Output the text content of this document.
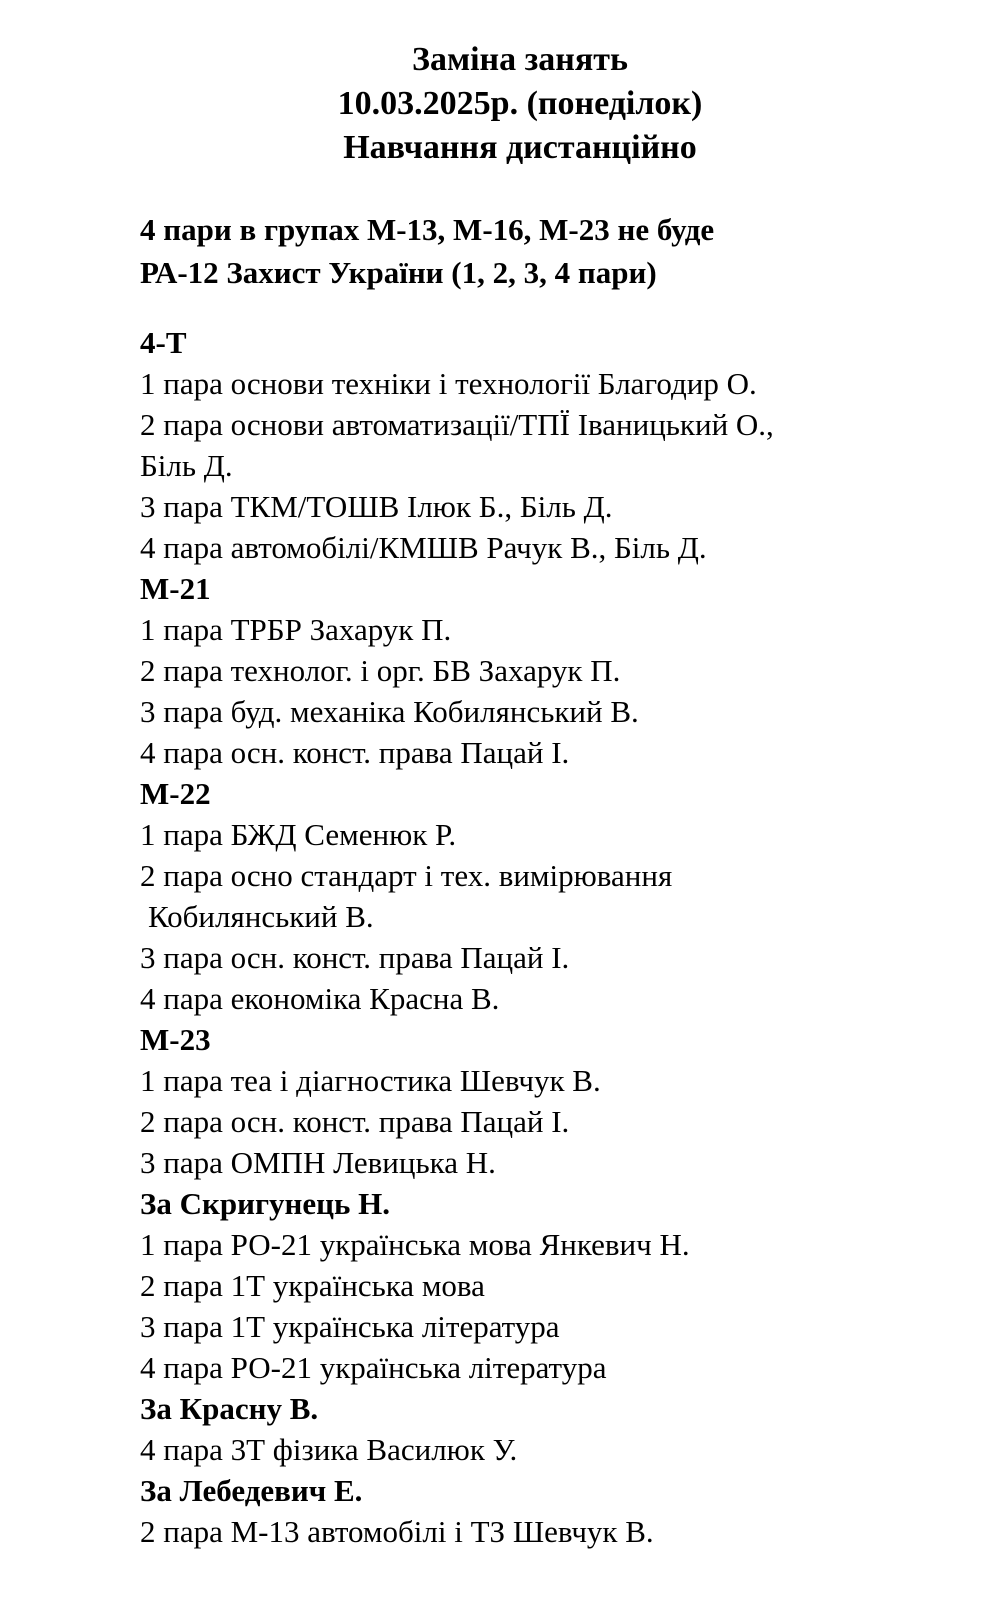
Заміна занять
10.03.2025р. (понеділок)
Навчання дистанційно
4 пари в групах М-13, М-16, М-23 не буде
РА-12 Захист України (1, 2, 3, 4 пари)
4-Т
1 пара основи техніки і технології Благодир О.
2 пара основи автоматизації/ТПЇ Іваницький О.,
Біль Д.
3 пара ТКМ/ТОШВ Ілюк Б., Біль Д.
4 пара автомобілі/КМШВ Рачук В., Біль Д.
М-21
1 пара ТРБР Захарук П.
2 пара технолог. і орг. БВ Захарук П.
3 пара буд. механіка Кобилянський В.
4 пара осн. конст. права Пацай І.
М-22
1 пара БЖД Семенюк Р.
2 пара осно стандарт і тех. вимірювання
Кобилянський В.
3 пара осн. конст. права Пацай І.
4 пара економіка Красна В.
М-23
1 пара теа і діагностика Шевчук В.
2 пара осн. конст. права Пацай І.
3 пара ОМПН Левицька Н.
За Скригунець Н.
1 пара РО-21 українська мова Янкевич Н.
2 пара 1Т українська мова
3 пара 1Т українська література
4 пара РО-21 українська література
За Красну В.
4 пара 3Т фізика Василюк У.
За Лебедевич Е.
2 пара М-13 автомобілі і ТЗ Шевчук В.
